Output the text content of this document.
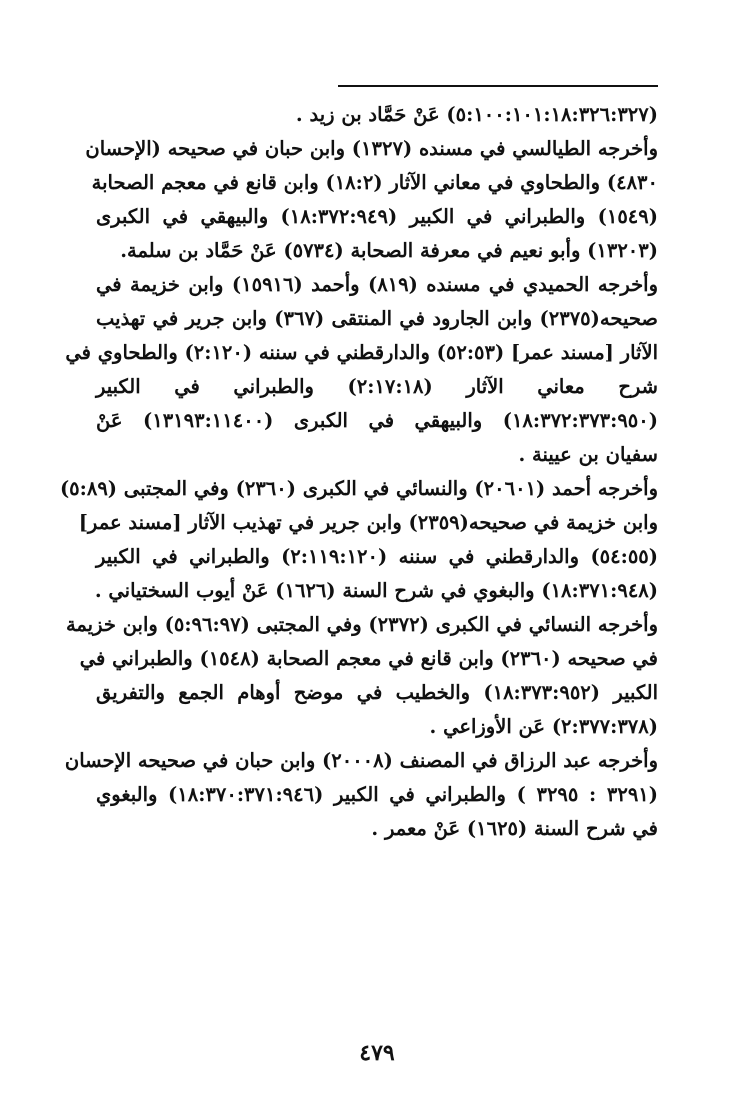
(٥:١٠٠:١٠١:١٨:٣٢٦:٣٢٧) عَنْ حَمَّاد بن زيد .
وأخرجه الطيالسي في مسنده (١٣٢٧) وابن حبان في صحيحه (الإحسان
٤٨٣٠) والطحاوي في معاني الآثار (١٨:٢) وابن قانع في معجم الصحابة
(١٥٤٩) والطبراني في الكبير (١٨:٣٧٢:٩٤٩) والبيهقي في الكبرى
(١٣٢٠٣) وأبو نعيم في معرفة الصحابة (٥٧٣٤) عَنْ حَمَّاد بن سلمة.
وأخرجه الحميدي في مسنده (٨١٩) وأحمد (١٥٩١٦) وابن خزيمة في
صحيحه(٢٣٧٥) وابن الجارود في المنتقى (٣٦٧) وابن جرير في تهذيب
الآثار [مسند عمر] (٥٢:٥٣) والدارقطني في سننه (٢:١٢٠) والطحاوي في
شرح معاني الآثار (٢:١٧:١٨) والطبراني في الكبير
(١٨:٣٧٢:٣٧٣:٩٥٠) والبيهقي في الكبرى (١٣١٩٣:١١٤٠٠) عَنْ
سفيان بن عيينة .
وأخرجه أحمد (٢٠٦٠١) والنسائي في الكبرى (٢٣٦٠) وفي المجتبى (٥:٨٩)
وابن خزيمة في صحيحه(٢٣٥٩) وابن جرير في تهذيب الآثار [مسند عمر]
(٥٤:٥٥) والدارقطني في سننه (٢:١١٩:١٢٠) والطبراني في الكبير
(١٨:٣٧١:٩٤٨) والبغوي في شرح السنة (١٦٢٦) عَنْ أيوب السختياني .
وأخرجه النسائي في الكبرى (٢٣٧٢) وفي المجتبى (٥:٩٦:٩٧) وابن خزيمة
في صحيحه (٢٣٦٠) وابن قانع في معجم الصحابة (١٥٤٨) والطبراني في
الكبير (١٨:٣٧٣:٩٥٢) والخطيب في موضح أوهام الجمع والتفريق
(٢:٣٧٧:٣٧٨) عَن الأوزاعي .
وأخرجه عبد الرزاق في المصنف (٢٠٠٠٨) وابن حبان في صحيحه الإحسان
(٣٢٩١ : ٣٢٩٥ ) والطبراني في الكبير (١٨:٣٧٠:٣٧١:٩٤٦) والبغوي
في شرح السنة (١٦٢٥) عَنْ معمر .
٤٧٩
